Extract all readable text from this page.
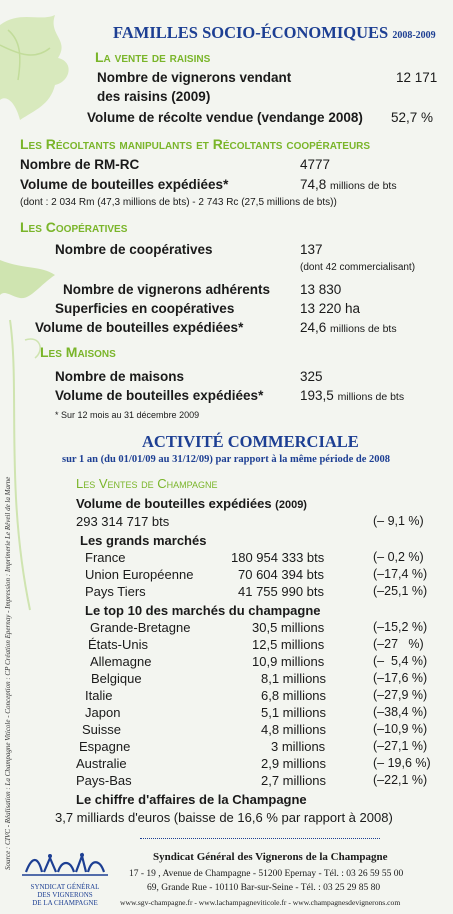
FAMILLES SOCIO-ÉCONOMIQUES 2008-2009
La vente de raisins
Nombre de vignerons vendant	12 171
des raisins (2009)
Volume de récolte vendue (vendange 2008) 52,7 %
Les Récoltants manipulants et Récoltants coopérateurs
Nombre de RM-RC	4777
Volume de bouteilles expédiées*	74,8 millions de bts
(dont : 2 034 Rm (47,3 millions de bts) - 2 743 Rc (27,5 millions de bts))
Les Coopératives
Nombre de coopératives	137
(dont 42 commercialisant)
Nombre de vignerons adhérents 13 830
Superficies en coopératives	13 220 ha
Volume de bouteilles expédiées*	24,6 millions de bts
Les Maisons
Nombre de maisons	325
Volume de bouteilles expédiées*	193,5 millions de bts
* Sur 12 mois au 31 décembre 2009
ACTIVITÉ COMMERCIALE
sur 1 an (du 01/01/09 au 31/12/09) par rapport à la même période de 2008
Les Ventes de Champagne
Volume de bouteilles expédiées (2009)
293 314 717 bts	(– 9,1 %)
Les grands marchés
France	180 954 333 bts	(– 0,2 %)
Union Européenne	70 604 394 bts	(–17,4 %)
Pays Tiers	41 755 990 bts	(–25,1 %)
Le top 10 des marchés du champagne
Grande-Bretagne	30,5 millions	(–15,2 %)
États-Unis	12,5 millions	(–27   %)
Allemagne	10,9 millions	(–  5,4 %)
Belgique	8,1 millions	(–17,6 %)
Italie	6,8 millions	(–27,9 %)
Japon	5,1 millions	(–38,4 %)
Suisse	4,8 millions	(–10,9 %)
Espagne	3 millions	(–27,1 %)
Australie	2,9 millions	(– 19,6 %)
Pays-Bas	2,7 millions	(–22,1 %)
Le chiffre d'affaires de la Champagne
3,7 milliards d'euros (baisse de 16,6 % par rapport à 2008)
SYNDICAT GÉNÉRAL
DES VIGNERONS
DE LA CHAMPAGNE
Syndicat Général des Vignerons de la Champagne
17 - 19 , Avenue de Champagne - 51200 Epernay - Tél. : 03 26 59 55 00
69, Grande Rue - 10110 Bar-sur-Seine - Tél. : 03 25 29 85 80
www.sgv-champagne.fr - www.lachampagneviticole.fr - www.champagnesdevignerons.com
Source : CIVC - Réalisation : La Champagne Viticole - Conception : CP Création Epernay - Impression : Imprimerie Le Réveil de la Marne
